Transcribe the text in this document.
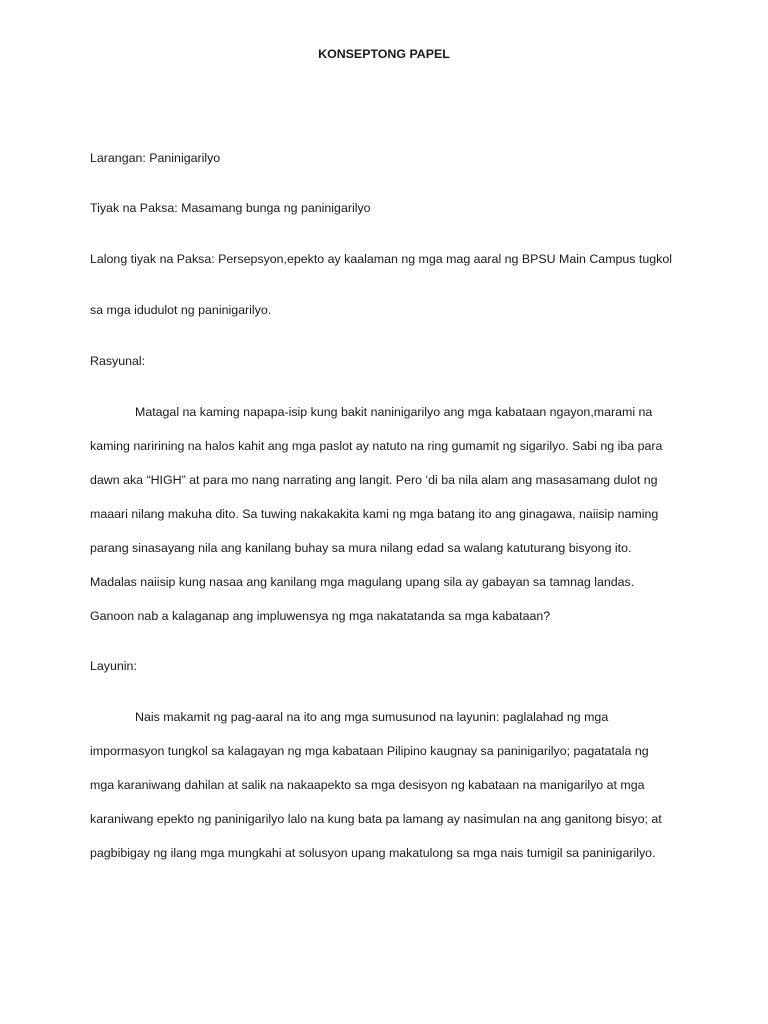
KONSEPTONG PAPEL
Larangan: Paninigarilyo
Tiyak na Paksa: Masamang bunga ng paninigarilyo
Lalong tiyak na Paksa: Persepsyon,epekto ay kaalaman ng mga mag aaral ng BPSU Main Campus tugkol
sa mga idudulot ng paninigarilyo.
Rasyunal:
Matagal na kaming napapa-isip kung bakit naninigarilyo ang mga kabataan ngayon,marami na
kaming naririning na halos kahit ang mga paslot ay natuto na ring gumamit ng sigarilyo. Sabi ng iba para
dawn aka “HIGH” at para mo nang narrating ang langit. Pero ‘di ba nila alam ang masasamang dulot ng
maaari nilang makuha dito. Sa tuwing nakakakita kami ng mga batang ito ang ginagawa, naiisip naming
parang sinasayang nila ang kanilang buhay sa mura nilang edad sa walang katuturang bisyong ito.
Madalas naiisip kung nasaa ang kanilang mga magulang upang sila ay gabayan sa tamnag landas.
Ganoon nab a kalaganap ang impluwensya ng mga nakatatanda sa mga kabataan?
Layunin:
Nais makamit ng pag-aaral na ito ang mga sumusunod na layunin: paglalahad ng mga
impormasyon tungkol sa kalagayan ng mga kabataan Pilipino kaugnay sa paninigarilyo; pagatatala ng
mga karaniwang dahilan at salik na nakaapekto sa mga desisyon ng kabataan na manigarilyo at mga
karaniwang epekto ng paninigarilyo lalo na kung bata pa lamang ay nasimulan na ang ganitong bisyo; at
pagbibigay ng ilang mga mungkahi at solusyon upang makatulong sa mga nais tumigil sa paninigarilyo.
